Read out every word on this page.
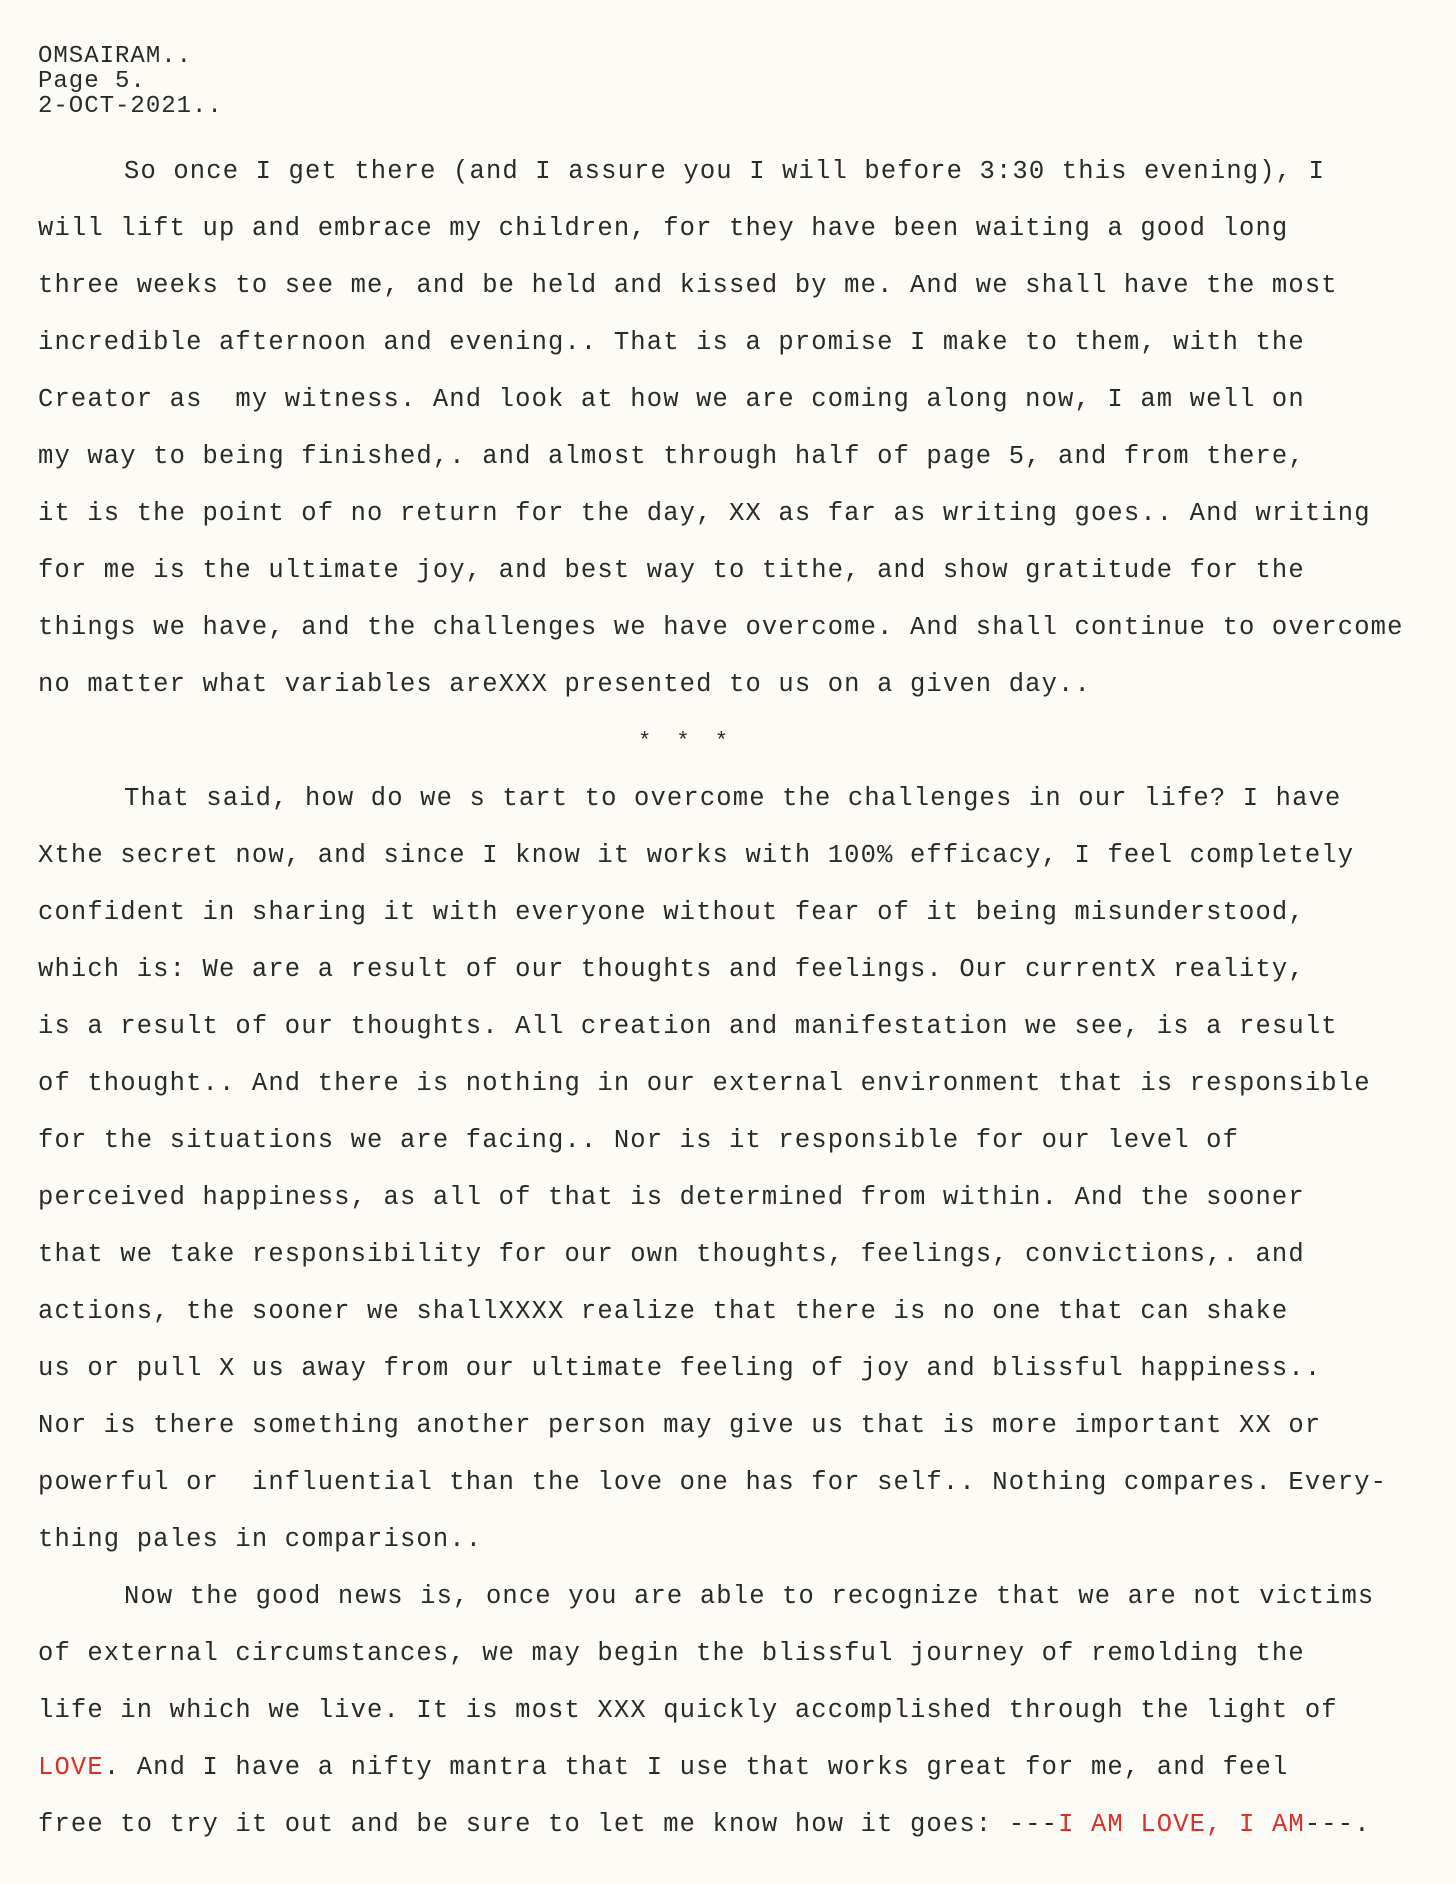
OMSAIRAM..
Page 5.
2-OCT-2021..
So once I get there (and I assure you I will before 3:30 this evening), I
will lift up and embrace my children, for they have been waiting a good long
three weeks to see me, and be held and kissed by me. And we shall have the most
incredible afternoon and evening.. That is a promise I make to them, with the
Creator as  my witness. And look at how we are coming along now, I am well on
my way to being finished,. and almost through half of page 5, and from there,
it is the point of no return for the day, XX as far as writing goes.. And writing
for me is the ultimate joy, and best way to tithe, and show gratitude for the
things we have, and the challenges we have overcome. And shall continue to overcome
no matter what variables areXXX presented to us on a given day..
* * *
That said, how do we s tart to overcome the challenges in our life? I have
Xthe secret now, and since I know it works with 100% efficacy, I feel completely
confident in sharing it with everyone without fear of it being misunderstood,
which is: We are a result of our thoughts and feelings. Our currentX reality,
is a result of our thoughts. All creation and manifestation we see, is a result
of thought.. And there is nothing in our external environment that is responsible
for the situations we are facing.. Nor is it responsible for our level of
perceived happiness, as all of that is determined from within. And the sooner
that we take responsibility for our own thoughts, feelings, convictions,. and
actions, the sooner we shallXXXX realize that there is no one that can shake
us or pull X us away from our ultimate feeling of joy and blissful happiness..
Nor is there something another person may give us that is more important XX or
powerful or  influential than the love one has for self.. Nothing compares. Every-
thing pales in comparison..
Now the good news is, once you are able to recognize that we are not victims
of external circumstances, we may begin the blissful journey of remolding the
life in which we live. It is most XXX quickly accomplished through the light of
LOVE. And I have a nifty mantra that I use that works great for me, and feel
free to try it out and be sure to let me know how it goes: ---I AM LOVE, I AM---.
